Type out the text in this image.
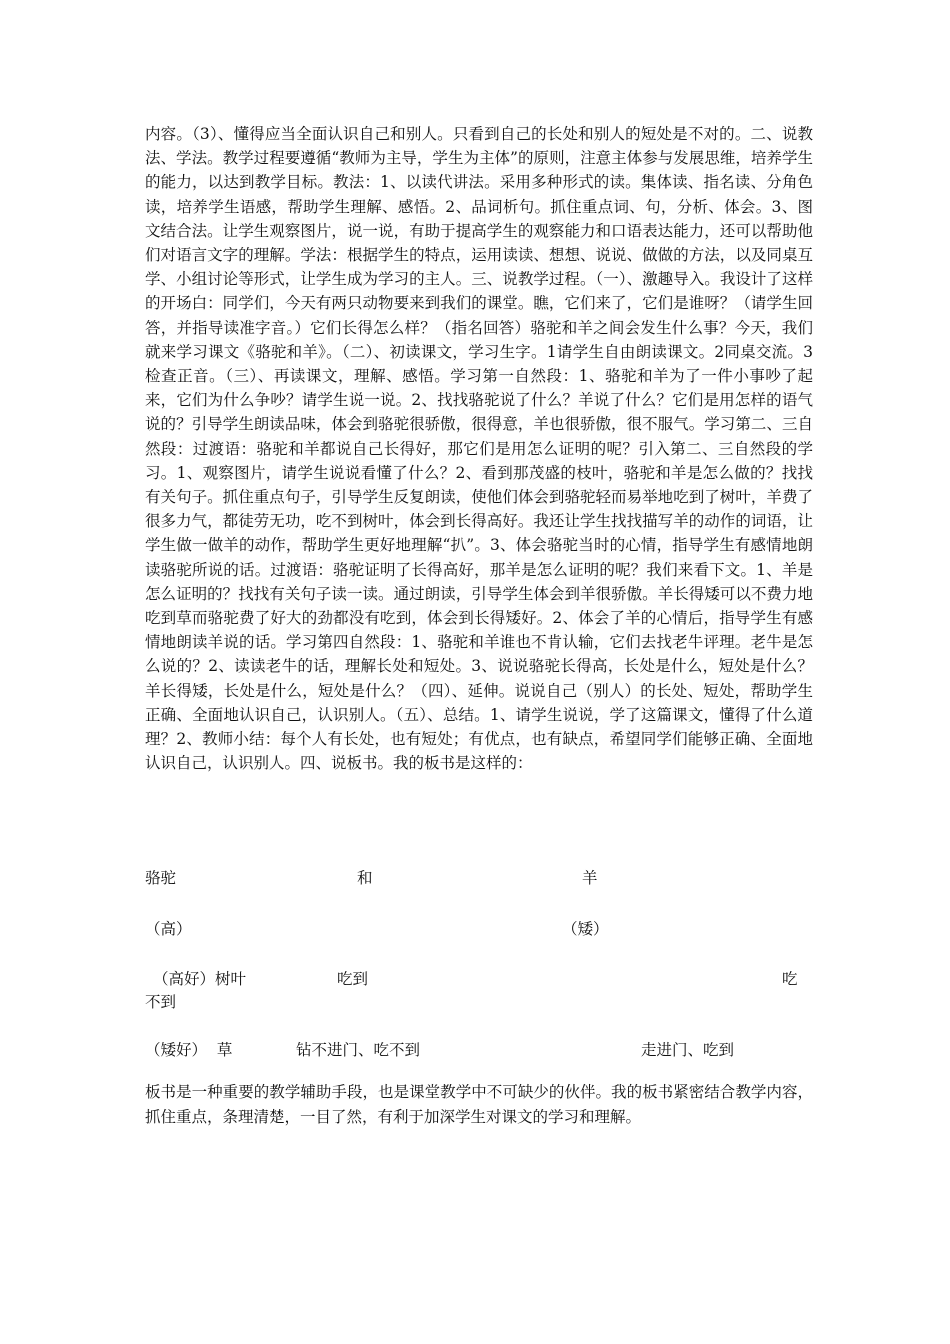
内容。（3）、懂得应当全面认识自己和别人。只看到自己的长处和别人的短处是不对的。二、说教法、学法。教学过程要遵循“教师为主导，学生为主体”的原则，注意主体参与发展思维，培养学生的能力，以达到教学目标。教法：1、以读代讲法。采用多种形式的读。集体读、指名读、分角色读，培养学生语感，帮助学生理解、感悟。2、品词析句。抓住重点词、句，分析、体会。3、图文结合法。让学生观察图片，说一说，有助于提高学生的观察能力和口语表达能力，还可以帮助他们对语言文字的理解。学法：根据学生的特点，运用读读、想想、说说、做做的方法，以及同桌互学、小组讨论等形式，让学生成为学习的主人。三、说教学过程。（一）、激趣导入。我设计了这样的开场白：同学们，今天有两只动物要来到我们的课堂。瞧，它们来了，它们是谁呀？（请学生回答，并指导读准字音。）它们长得怎么样？（指名回答）骆驼和羊之间会发生什么事？今天，我们就来学习课文《骆驼和羊》。（二）、初读课文，学习生字。1请学生自由朗读课文。2同桌交流。3检查正音。（三）、再读课文，理解、感悟。学习第一自然段：1、骆驼和羊为了一件小事吵了起来，它们为什么争吵？请学生说一说。2、找找骆驼说了什么？羊说了什么？它们是用怎样的语气说的？引导学生朗读品味，体会到骆驼很骄傲，很得意，羊也很骄傲，很不服气。学习第二、三自然段：过渡语：骆驼和羊都说自己长得好，那它们是用怎么证明的呢？引入第二、三自然段的学习。1、观察图片，请学生说说看懂了什么？2、看到那茂盛的枝叶，骆驼和羊是怎么做的？找找有关句子。抓住重点句子，引导学生反复朗读，使他们体会到骆驼轻而易举地吃到了树叶，羊费了很多力气，都徒劳无功，吃不到树叶，体会到长得高好。我还让学生找找描写羊的动作的词语，让学生做一做羊的动作，帮助学生更好地理解“扒”。3、体会骆驼当时的心情，指导学生有感情地朗读骆驼所说的话。过渡语：骆驼证明了长得高好，那羊是怎么证明的呢？我们来看下文。1、羊是怎么证明的？找找有关句子读一读。通过朗读，引导学生体会到羊很骄傲。羊长得矮可以不费力地吃到草而骆驼费了好大的劲都没有吃到，体会到长得矮好。2、体会了羊的心情后，指导学生有感情地朗读羊说的话。学习第四自然段：1、骆驼和羊谁也不肯认输，它们去找老牛评理。老牛是怎么说的？2、读读老牛的话，理解长处和短处。3、说说骆驼长得高，长处是什么，短处是什么？羊长得矮，长处是什么，短处是什么？（四）、延伸。说说自己（别人）的长处、短处，帮助学生正确、全面地认识自己，认识别人。（五）、总结。1、请学生说说，学了这篇课文，懂得了什么道理？2、教师小结：每个人有长处，也有短处；有优点，也有缺点，希望同学们能够正确、全面地认识自己，认识别人。四、说板书。我的板书是这样的：

骆驼	和	羊
（高）	（矮）
（高好）树叶	吃到	吃
不到
（矮好）  草	钻不进门、吃不到	走进门、吃到

板书是一种重要的教学辅助手段，也是课堂教学中不可缺少的伙伴。我的板书紧密结合教学内容，抓住重点，条理清楚，一目了然，有利于加深学生对课文的学习和理解。
